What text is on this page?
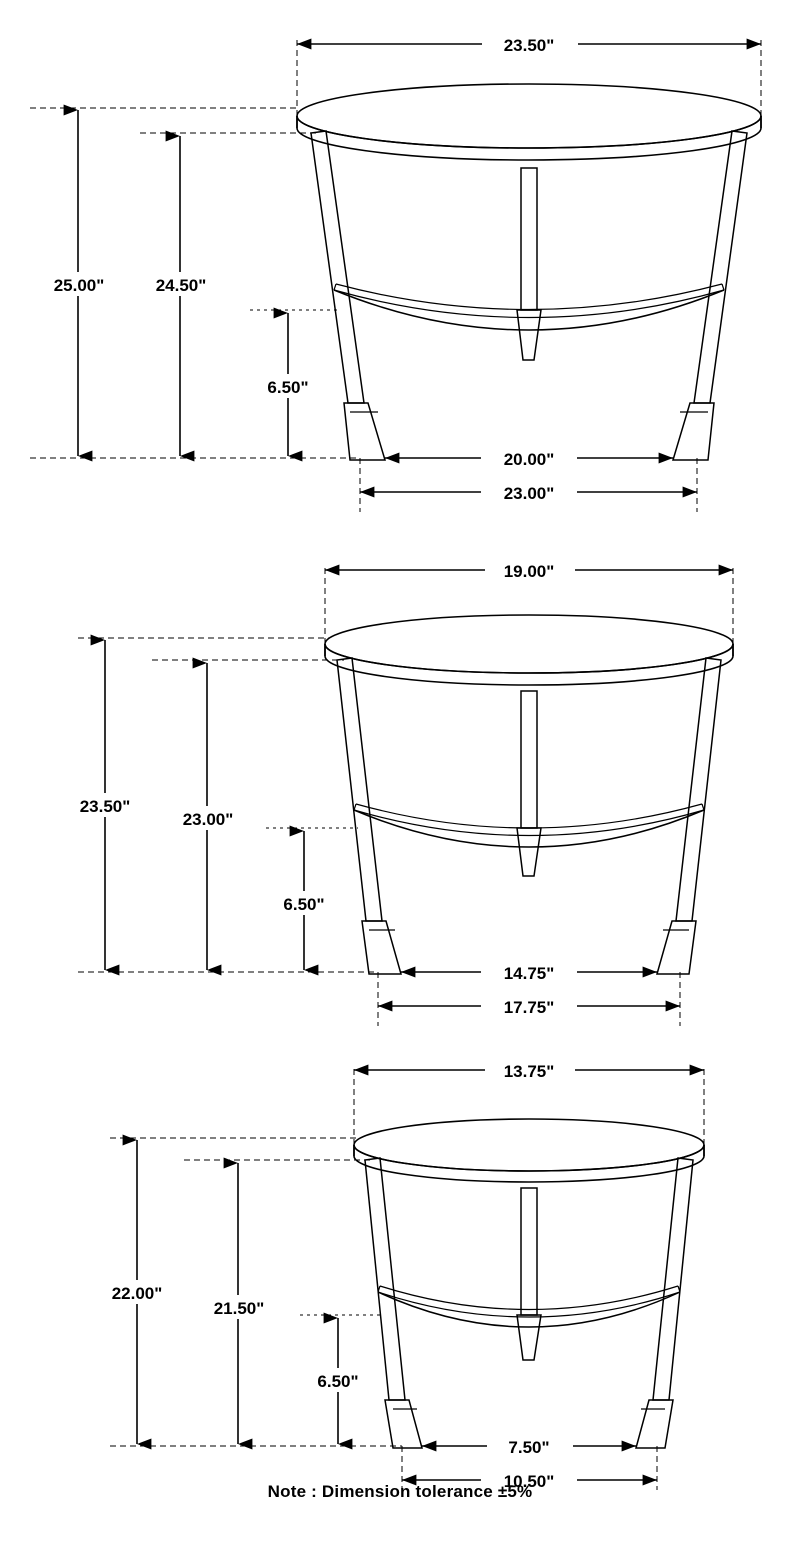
23.50"
25.00"	24.50"
6.50"
20.00"
23.00"
19.00"
23.50"
23.00"
6.50"
14.75"
17.75"
13.75"
22.00"
21.50"
6.50"
7.50"
10.50"
Note : Dimension tolerance ±5%
